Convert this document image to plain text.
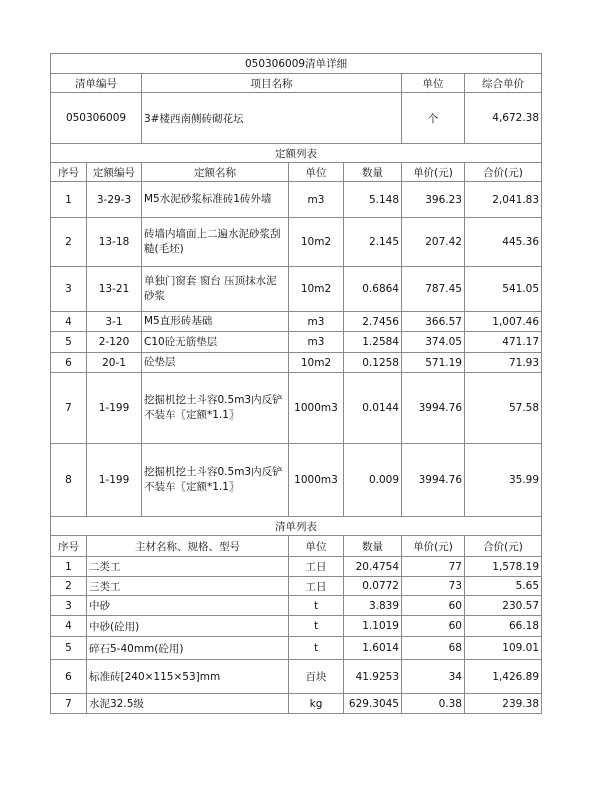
050306009清单详细						
清单编号		项目名称			单位	综合单价
050306009		3#楼西南侧砖砌花坛			个	4,672.38
定额列表						
序号	定额编号	定额名称	单位	数量	单价(元)	合价(元)
1	3-29-3	M5水泥砂浆标准砖1砖外墙	m3	5.148	396.23	2,041.83
2	13-18	砖墙内墙面上二遍水泥砂浆刮糙(毛坯)	10m2	2.145	207.42	445.36
3	13-21	单独门窗套 窗台 压顶抹水泥砂浆	10m2	0.6864	787.45	541.05
4	3-1	M5直形砖基础	m3	2.7456	366.57	1,007.46
5	2-120	C10砼无筋垫层	m3	1.2584	374.05	471.17
6	20-1	砼垫层	10m2	0.1258	571.19	71.93
7	1-199	挖掘机挖土斗容0.5m3内反铲不装车〖定额*1.1〗	1000m3	0.0144	3994.76	57.58
8	1-199	挖掘机挖土斗容0.5m3内反铲不装车〖定额*1.1〗	1000m3	0.009	3994.76	35.99
清单列表						
序号	主材名称、规格、型号		单位	数量	单价(元)	合价(元)
1	二类工		工日	20.4754	77	1,578.19
2	三类工		工日	0.0772	73	5.65
3	中砂		t	3.839	60	230.57
4	中砂(砼用)		t	1.1019	60	66.18
5	碎石5-40mm(砼用)		t	1.6014	68	109.01
6	标准砖[240×115×53]mm		百块	41.9253	34	1,426.89
7	水泥32.5级		kg	629.3045	0.38	239.38
